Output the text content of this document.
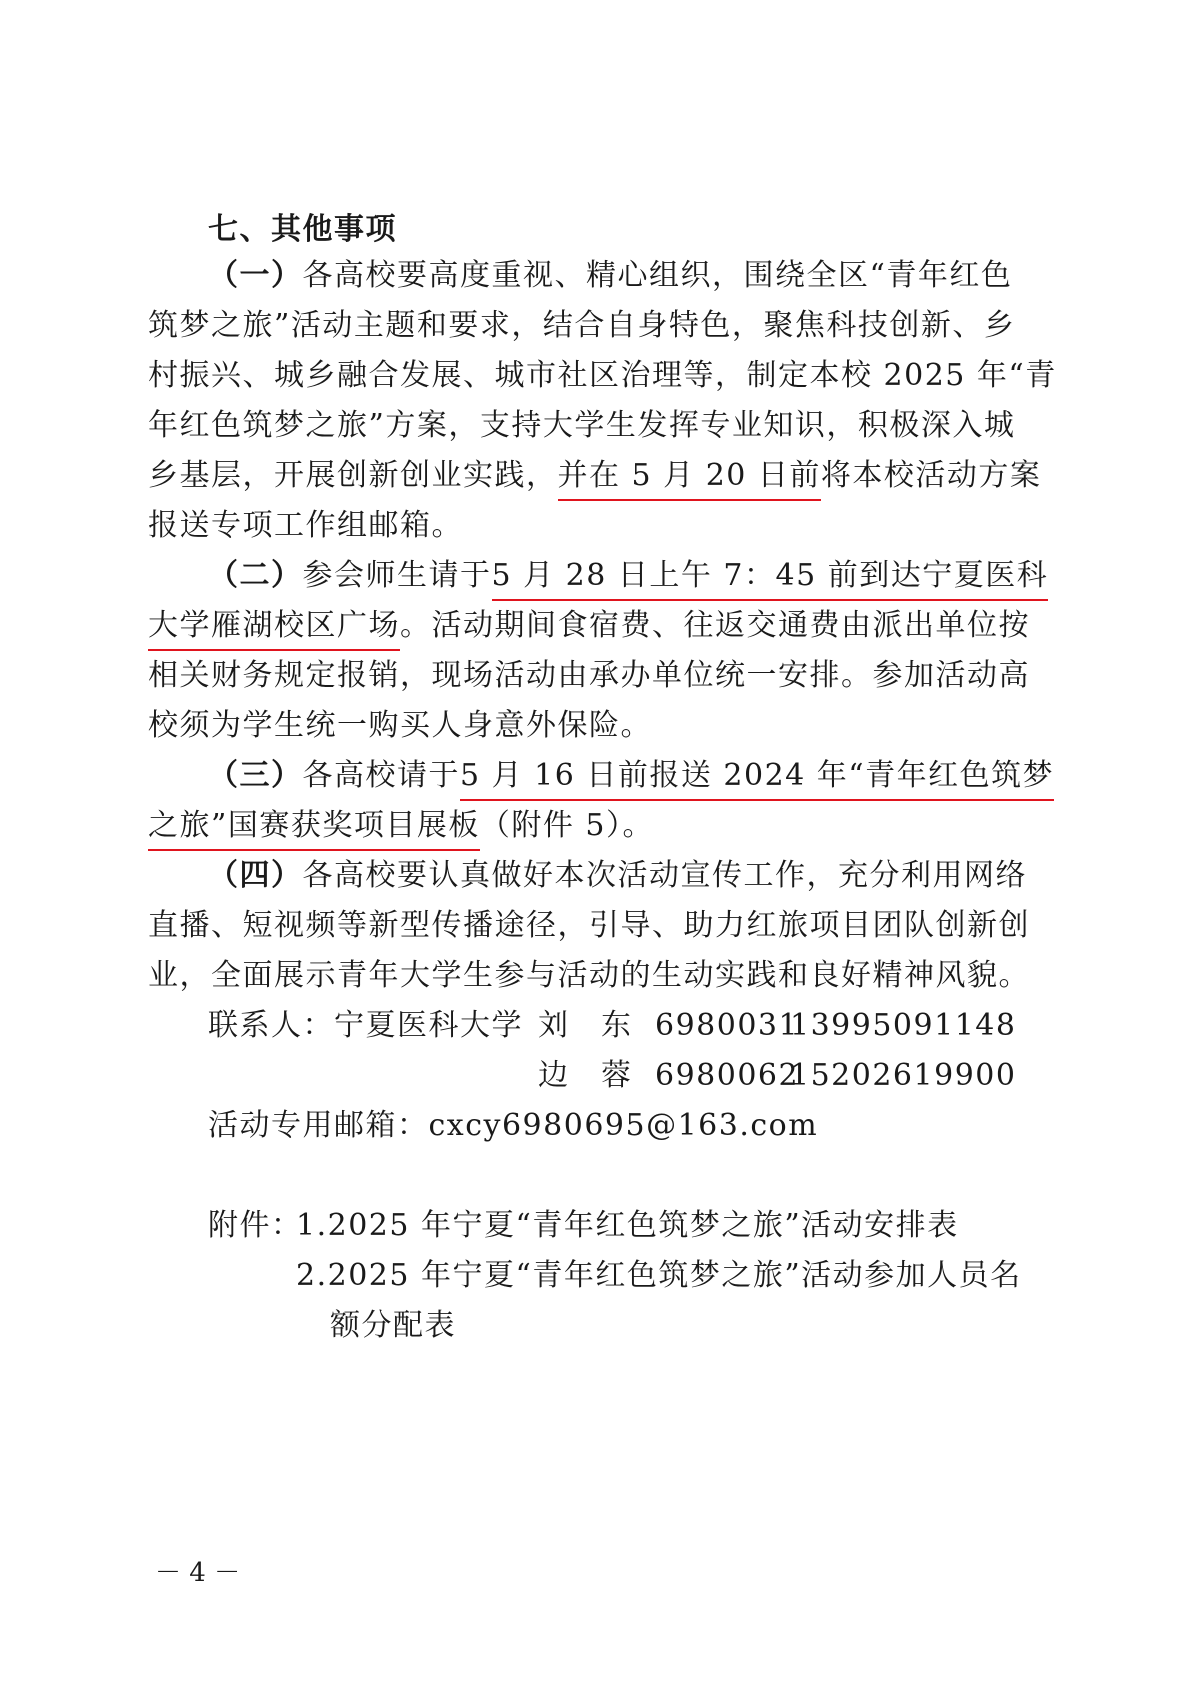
七、其他事项
（一）各高校要高度重视、精心组织，围绕全区“青年红色
筑梦之旅”活动主题和要求，结合自身特色，聚焦科技创新、乡
村振兴、城乡融合发展、城市社区治理等，制定本校 2025 年“青
年红色筑梦之旅”方案，支持大学生发挥专业知识，积极深入城
乡基层，开展创新创业实践，并在 5 月 20 日前将本校活动方案
报送专项工作组邮箱。
（二）参会师生请于5 月 28 日上午 7：45 前到达宁夏医科
大学雁湖校区广场。活动期间食宿费、往返交通费由派出单位按
相关财务规定报销，现场活动由承办单位统一安排。参加活动高
校须为学生统一购买人身意外保险。
（三）各高校请于5 月 16 日前报送 2024 年“青年红色筑梦
之旅”国赛获奖项目展板（附件 5）。
（四）各高校要认真做好本次活动宣传工作，充分利用网络
直播、短视频等新型传播途径，引导、助力红旅项目团队创新创
业，全面展示青年大学生参与活动的生动实践和良好精神风貌。
联系人：宁夏医科大学 刘　东 6980031
13995091148
边　蓉 6980062
15202619900
活动专用邮箱：cxcy6980695@163.com
附件：
1.2025 年宁夏“青年红色筑梦之旅”活动安排表
2.2025 年宁夏“青年红色筑梦之旅”活动参加人员名
额分配表
－ 4 －
